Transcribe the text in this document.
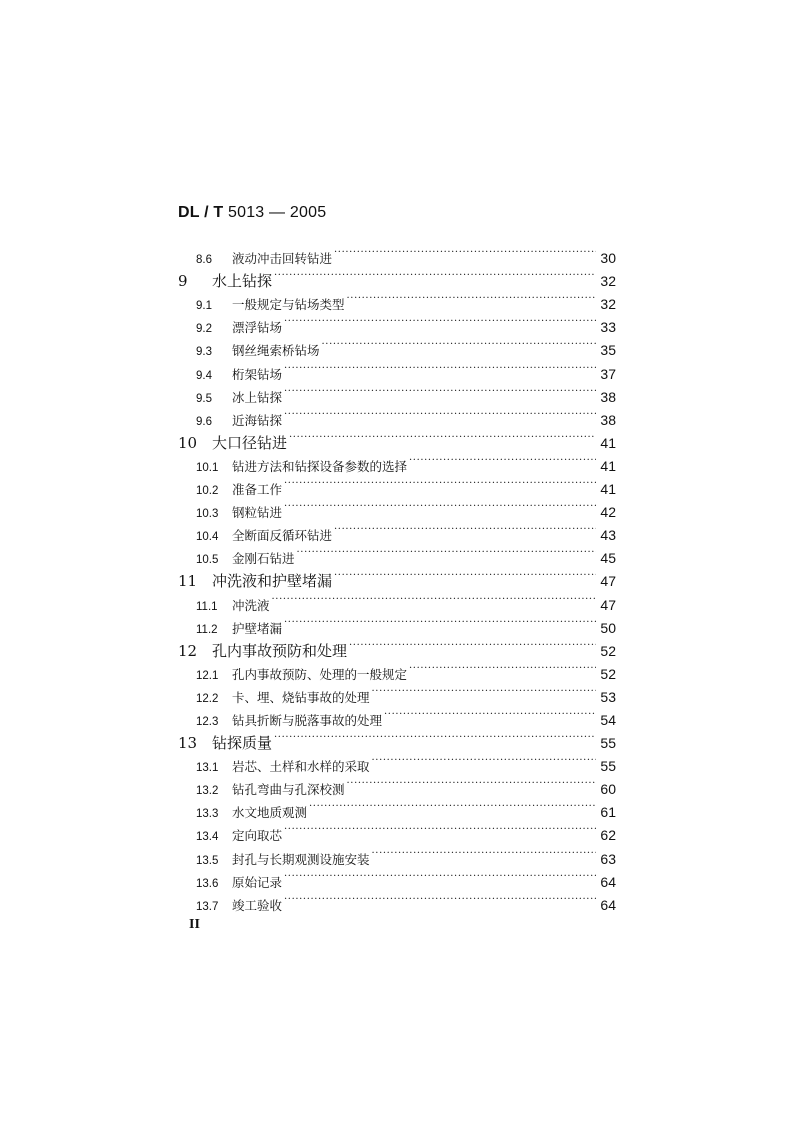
DL / T 5013 — 2005
8.6	液动冲击回转钻进 ·····	30
9	水上钻探 ·····	32
9.1	一般规定与钻场类型 ·····	32
9.2	漂浮钻场 ·····	33
9.3	钢丝绳索桥钻场 ·····	35
9.4	桁架钻场 ·····	37
9.5	冰上钻探 ·····	38
9.6	近海钻探 ·····	38
10 大口径钻进 ·····	41
10.1	钻进方法和钻探设备参数的选择 ·····	41
10.2	准备工作 ·····	41
10.3	钢粒钻进 ·····	42
10.4	全断面反循环钻进 ·····	43
10.5	金刚石钻进 ·····	45
11 冲洗液和护壁堵漏 ·····	47
11.1	冲洗液 ·····	47
11.2	护壁堵漏 ·····	50
12 孔内事故预防和处理 ·····	52
12.1	孔内事故预防、处理的一般规定 ·····	52
12.2	卡、埋、烧钻事故的处理 ·····	53
12.3	钻具折断与脱落事故的处理 ·····	54
13 钻探质量 ·····	55
13.1	岩芯、土样和水样的采取 ·····	55
13.2	钻孔弯曲与孔深校测 ·····	60
13.3	水文地质观测 ·····	61
13.4	定向取芯 ·····	62
13.5	封孔与长期观测设施安装 ·····	63
13.6	原始记录 ·····	64
13.7	竣工验收 ·····	64
II
